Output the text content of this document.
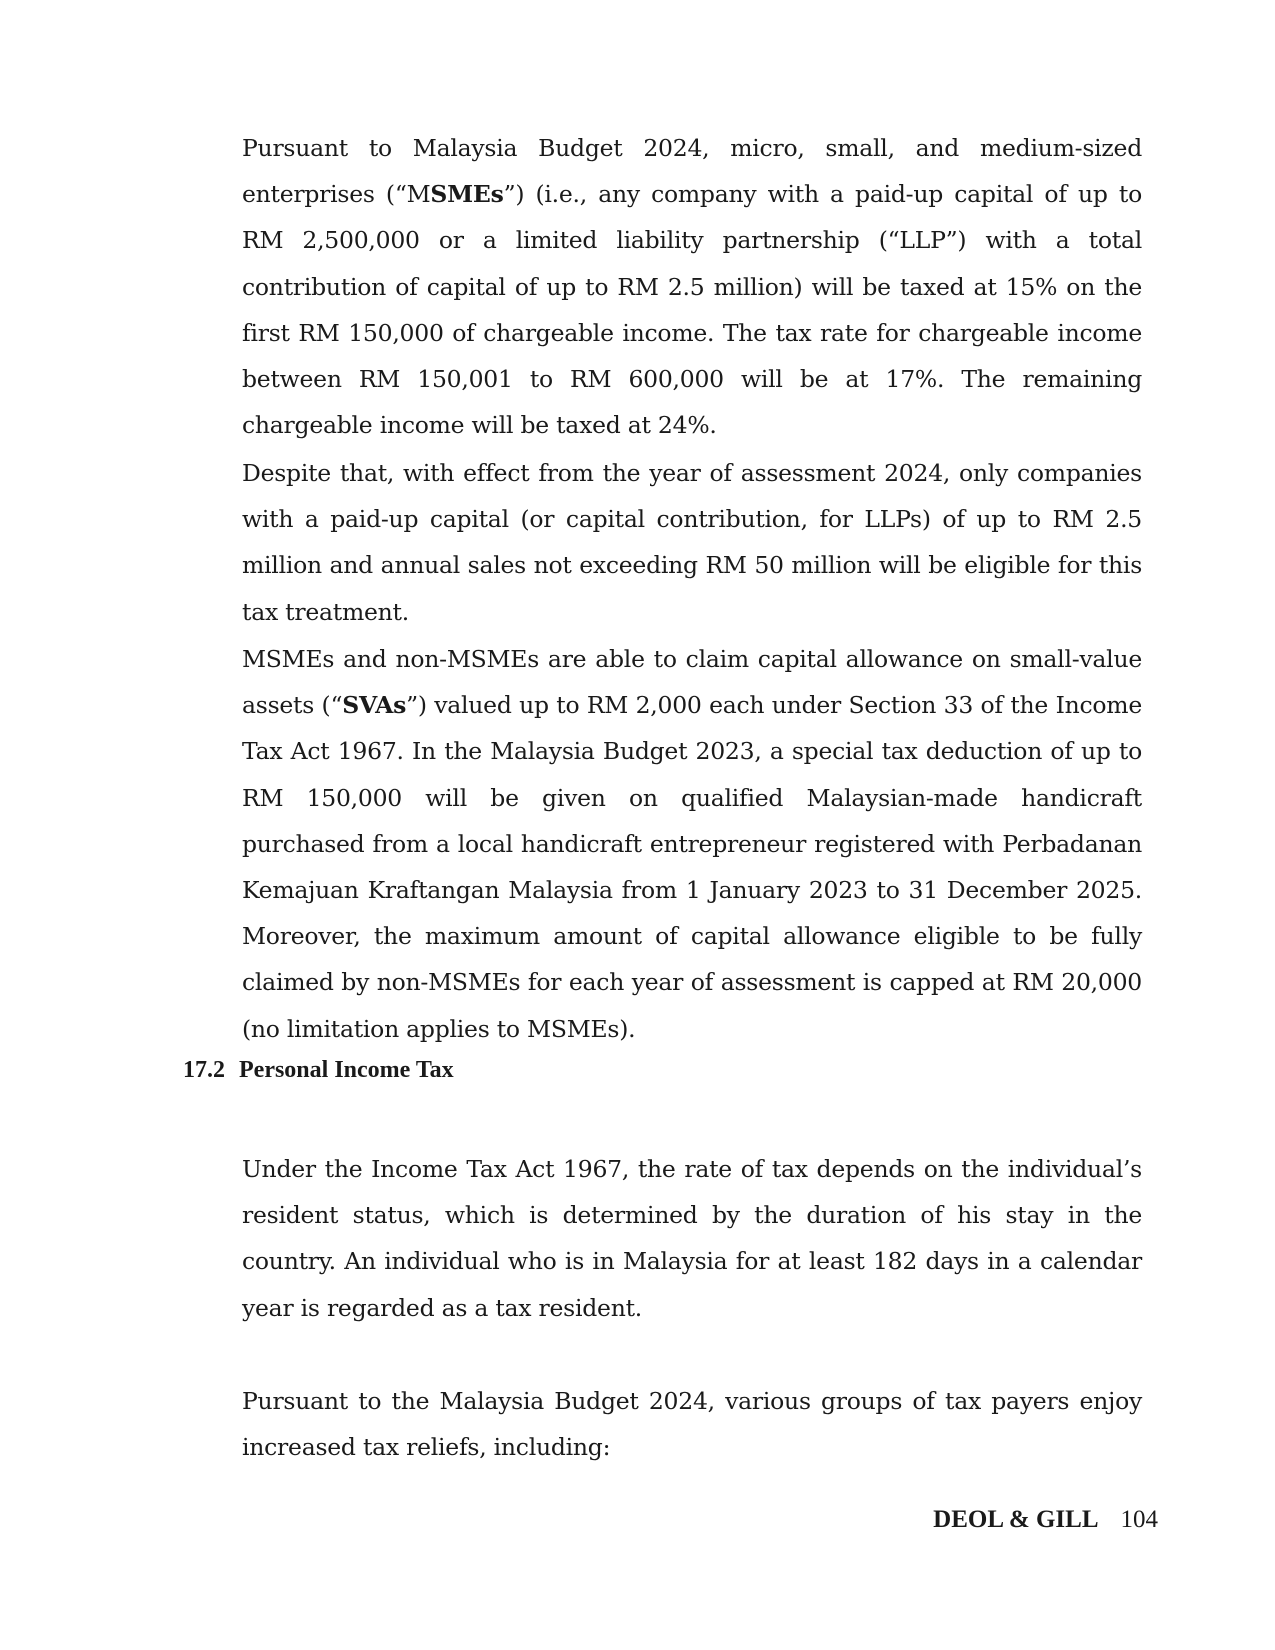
Pursuant to Malaysia Budget 2024, micro, small, and medium-sized enterprises (“MSMEs”) (i.e., any company with a paid-up capital of up to RM 2,500,000 or a limited liability partnership (“LLP”) with a total contribution of capital of up to RM 2.5 million) will be taxed at 15% on the first RM 150,000 of chargeable income. The tax rate for chargeable income between RM 150,001 to RM 600,000 will be at 17%. The remaining chargeable income will be taxed at 24%.

Despite that, with effect from the year of assessment 2024, only companies with a paid-up capital (or capital contribution, for LLPs) of up to RM 2.5 million and annual sales not exceeding RM 50 million will be eligible for this tax treatment.

MSMEs and non-MSMEs are able to claim capital allowance on small-value assets (“SVAs”) valued up to RM 2,000 each under Section 33 of the Income Tax Act 1967. In the Malaysia Budget 2023, a special tax deduction of up to RM 150,000 will be given on qualified Malaysian-made handicraft purchased from a local handicraft entrepreneur registered with Perbadanan Kemajuan Kraftangan Malaysia from 1 January 2023 to 31 December 2025. Moreover, the maximum amount of capital allowance eligible to be fully claimed by non-MSMEs for each year of assessment is capped at RM 20,000 (no limitation applies to MSMEs).

17.2 Personal Income Tax

Under the Income Tax Act 1967, the rate of tax depends on the individual’s resident status, which is determined by the duration of his stay in the country. An individual who is in Malaysia for at least 182 days in a calendar year is regarded as a tax resident.

Pursuant to the Malaysia Budget 2024, various groups of tax payers enjoy increased tax reliefs, including:

DEOL & GILL 104
